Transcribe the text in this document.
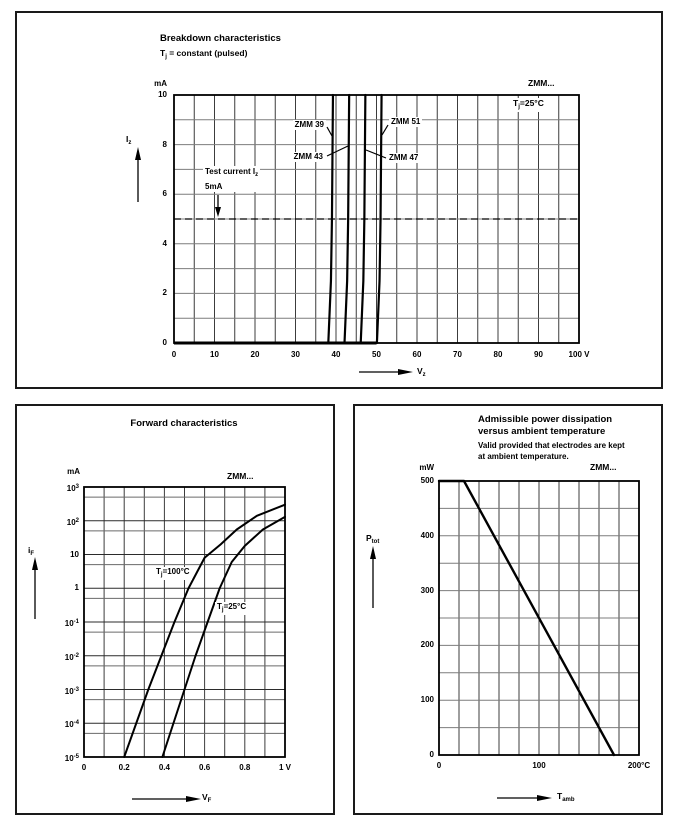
Breakdown characteristics
$T_j$ = constant (pulsed)
mA	ZMM...
$T_j=25^\circ C$
$I_z$
Test current $I_z$
5mA
ZMM 39
ZMM 43	ZMM 47
ZMM 51
$V_z$
0	10	20	30	40	50	60	70	80	90	100 V
10
8
6
4
2
0
Forward characteristics
mA	ZMM...
$i_F$
$T_j=100^\circ C$
$T_j=25^\circ C$
$V_F$
0	0.2	0.4	0.6	0.8	1 V
$10^3$
$10^2$
10
1
$10^{-1}$
$10^{-2}$
$10^{-3}$
$10^{-4}$
$10^{-5}$
Admissible power dissipation
versus ambient temperature
Valid provided that electrodes are kept
at ambient temperature.
mW	ZMM...
$P_{tot}$
$T_{amb}$
0	100	200°C
500
400
300
200
100
0
